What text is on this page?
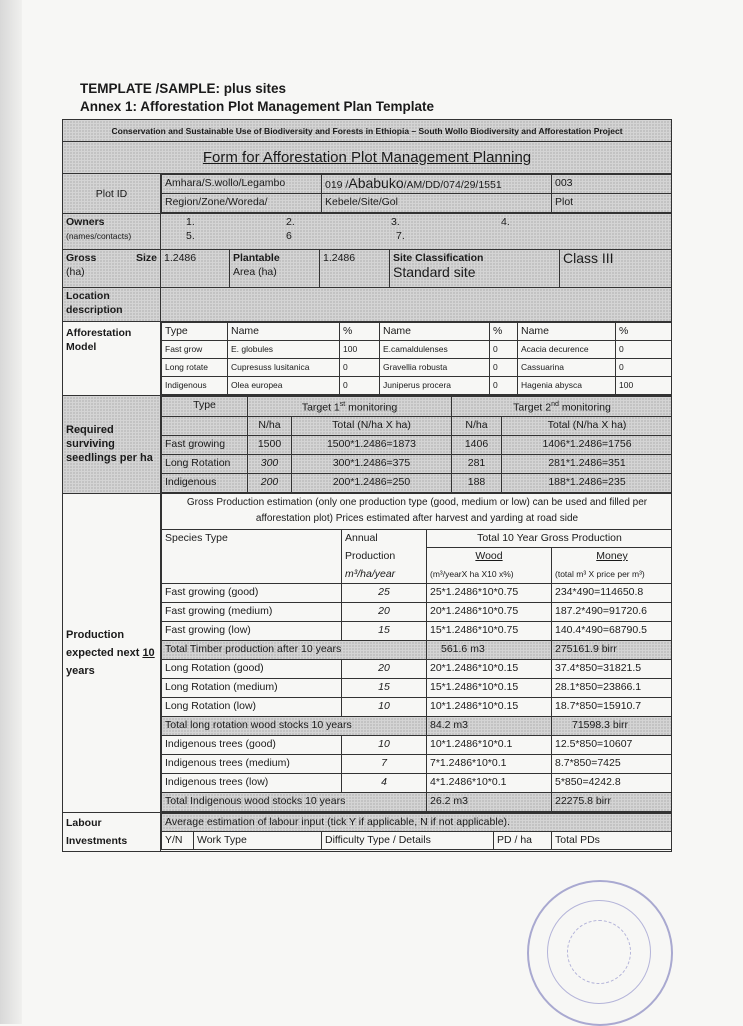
TEMPLATE /SAMPLE: plus sites
Annex 1: Afforestation Plot Management Plan Template
Conservation and Sustainable Use of Biodiversity and Forests in Ethiopia – South Wollo Biodiversity and Afforestation Project
Form for Afforestation Plot Management Planning
Plot ID	
Amhara/S.wollo/Legambo	019 /Ababuko/AM/DD/074/29/1551	003
Region/Zone/Woreda/	Kebele/Site/Gol	Plot

Owners
(names/contacts)

1.	2.	3.	4.
5.	6	7.

Gross	Size
(ha)
	1.2486	Plantable
Area (ha)
	1.2486	Site Classification
Standard site
	Class III
Location description	
Afforestation Model	
Type	Name	%	Name	%	Name	%
Fast grow	E. globules	100	E.camaldulenses	0	Acacia decurence	0
Long rotate	Cupresuss lusitanica	0	Gravellia robusta	0	Cassuarina	0
Indigenous	Olea europea	0	Juniperus procera	0	Hagenia abysca	100

Required surviving seedlings per ha	
Type	Target 1st monitoring	Target 2nd monitoring
	N/ha	Total (N/ha X ha)	N/ha	Total (N/ha X ha)
Fast growing	1500	1500*1.2486=1873	1406	1406*1.2486=1756
Long Rotation	300	300*1.2486=375	281	281*1.2486=351
Indigenous	200	200*1.2486=250	188	188*1.2486=235

Production expected next 10 years	
Gross Production estimation (only one production type (good, medium or low) can be used and filled per afforestation plot) Prices estimated after harvest and yarding at road side
Species Type	Annual	Total 10 Year Gross Production
	Production	Wood	Money
	m³/ha/year	(m³/yearX ha X10 x%)	(total m³ X price per m³)
Fast growing (good)	25	25*1.2486*10*0.75	234*490=114650.8
Fast growing (medium)	20	20*1.2486*10*0.75	187.2*490=91720.6
Fast growing (low)	15	15*1.2486*10*0.75	140.4*490=68790.5
Total Timber production after 10 years	561.6 m3	275161.9 birr
Long Rotation (good)	20	20*1.2486*10*0.15	37.4*850=31821.5
Long Rotation (medium)	15	15*1.2486*10*0.15	28.1*850=23866.1
Long Rotation (low)	10	10*1.2486*10*0.15	18.7*850=15910.7
Total long rotation wood stocks 10 years	84.2 m3	71598.3 birr
Indigenous trees (good)	10	10*1.2486*10*0.1	12.5*850=10607
Indigenous trees (medium)	7	7*1.2486*10*0.1	8.7*850=7425
Indigenous trees (low)	4	4*1.2486*10*0.1	5*850=4242.8
Total Indigenous wood stocks 10 years	26.2 m3	22275.8 birr

Labour
Investments

Average estimation of labour input (tick Y if applicable, N if not applicable).
Y/N	Work Type	Difficulty Type / Details	PD / ha	Total PDs
